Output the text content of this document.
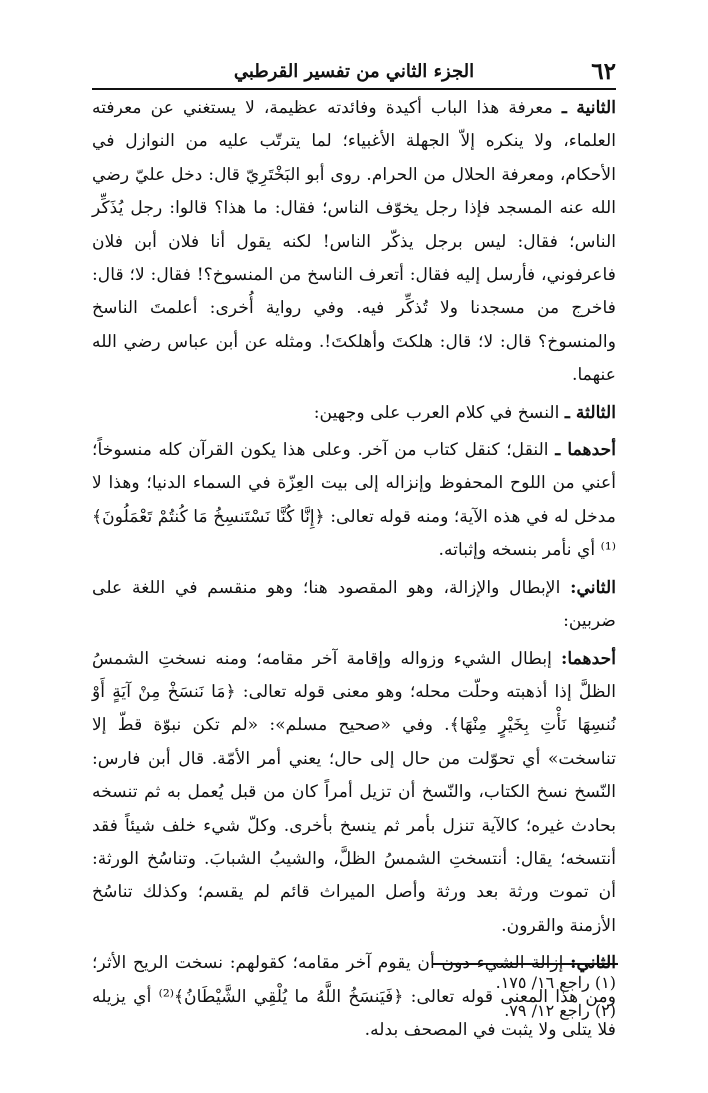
٦٢
الجزء الثاني من تفسير القرطبي

الثانية ـ معرفة هذا الباب أكيدة وفائدته عظيمة، لا يستغني عن معرفته العلماء، ولا ينكره إلاّ الجهلة الأغبياء؛ لما يترتّب عليه من النوازل في الأحكام، ومعرفة الحلال من الحرام. روى أبو البَخْتَرِيّ قال: دخل عليّ رضي الله عنه المسجد فإذا رجل يخوّف الناس؛ فقال: ما هذا؟ قالوا: رجل يُذَكِّر الناس؛ فقال: ليس برجل يذكّر الناس! لكنه يقول أنا فلان أبن فلان فاعرفوني، فأرسل إليه فقال: أتعرف الناسخ من المنسوخ؟! فقال: لا؛ قال: فاخرج من مسجدنا ولا تُذكِّر فيه. وفي رواية أُخرى: أعلمتَ الناسخ والمنسوخ؟ قال: لا؛ قال: هلكتَ وأهلكتَ!. ومثله عن أبن عباس رضي الله عنهما.

الثالثة ـ النسخ في كلام العرب على وجهين:

أحدهما ـ النقل؛ كنقل كتاب من آخر. وعلى هذا يكون القرآن كله منسوخاً؛ أعني من اللوح المحفوظ وإنزاله إلى بيت العِزّة في السماء الدنيا؛ وهذا لا مدخل له في هذه الآية؛ ومنه قوله تعالى: ﴿إِنَّا كُنَّا نَسْتَنسِخُ مَا كُنتُمْ تَعْمَلُونَ﴾⁽¹⁾ أي نأمر بنسخه وإثباته.

الثاني: الإبطال والإزالة، وهو المقصود هنا؛ وهو منقسم في اللغة على ضربين:

أحدهما: إبطال الشيء وزواله وإقامة آخر مقامه؛ ومنه نسختِ الشمسُ الظلَّ إذا أذهبته وحلّت محله؛ وهو معنى قوله تعالى: ﴿مَا نَنسَخْ مِنْ آيَةٍ أَوْ نُنسِهَا نَأْتِ بِخَيْرٍ مِنْهَا﴾. وفي «صحيح مسلم»: «لم تكن نبوّة قطّ إلا تناسخت» أي تحوّلت من حال إلى حال؛ يعني أمر الأمّة. قال أبن فارس: النّسخ نسخ الكتاب، والنّسخ أن تزيل أمراً كان من قبل يُعمل به ثم تنسخه بحادث غيره؛ كالآية تنزل بأمر ثم ينسخ بأخرى. وكلّ شيء خلف شيئاً فقد أنتسخه؛ يقال: أنتسختِ الشمسُ الظلَّ، والشيبُ الشبابَ. وتناسُخ الورثة: أن تموت ورثة بعد ورثة وأصل الميراث قائم لم يقسم؛ وكذلك تناسُخ الأزمنة والقرون.

الثاني: إزالة الشيء دون أن يقوم آخر مقامه؛ كقولهم: نسخت الريح الأثر؛ ومن هذا المعنى قوله تعالى: ﴿فَيَنسَخُ اللَّهُ ما يُلْقِي الشَّيْطَانُ﴾⁽²⁾ أي يزيله فلا يتلى ولا يثبت في المصحف بدله.

(١) راجع ١٦/ ١٧٥.

(٢) راجع ١٢/ ٧٩.
